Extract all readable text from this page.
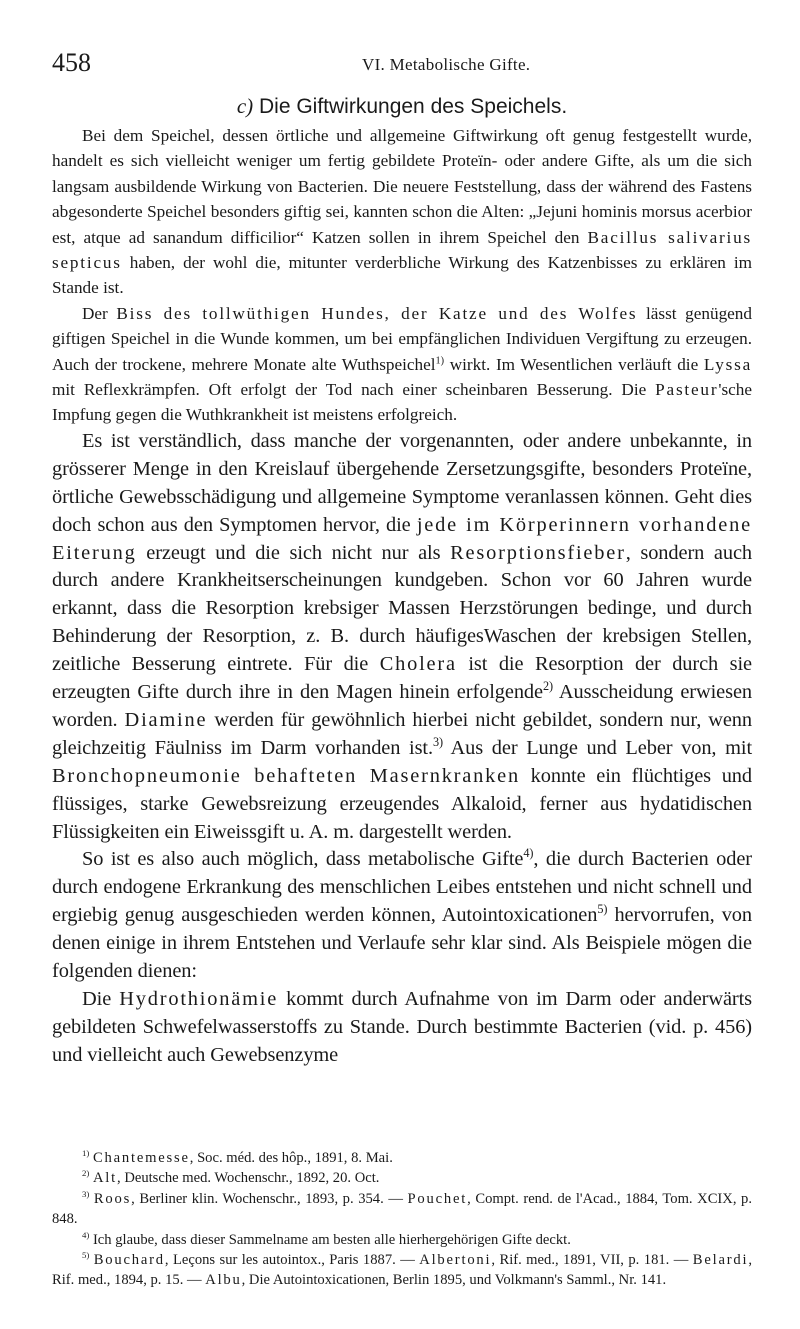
458	VI. Metabolische Gifte.
c) Die Giftwirkungen des Speichels.

Bei dem Speichel, dessen örtliche und allgemeine Giftwirkung oft genug festgestellt wurde, handelt es sich vielleicht weniger um fertig gebildete Proteïn- oder andere Gifte, als um die sich langsam ausbildende Wirkung von Bacterien. Die neuere Feststellung, dass der während des Fastens abgesonderte Speichel besonders giftig sei, kannten schon die Alten: „Jejuni hominis morsus acerbior est, atque ad sanandum difficilior“ Katzen sollen in ihrem Speichel den Bacillus salivarius septicus haben, der wohl die, mitunter verderbliche Wirkung des Katzenbisses zu erklären im Stande ist.

Der Biss des tollwüthigen Hundes, der Katze und des Wolfes lässt genügend giftigen Speichel in die Wunde kommen, um bei empfänglichen Individuen Vergiftung zu erzeugen. Auch der trockene, mehrere Monate alte Wuthspeichel$^{1)}$ wirkt. Im Wesentlichen verläuft die Lyssa mit Reflexkrämpfen. Oft erfolgt der Tod nach einer scheinbaren Besserung. Die Pasteur'sche Impfung gegen die Wuthkrankheit ist meistens erfolgreich.

Es ist verständlich, dass manche der vorgenannten, oder andere unbekannte, in grösserer Menge in den Kreislauf übergehende Zersetzungsgifte, besonders Proteïne, örtliche Gewebsschädigung und allgemeine Symptome veranlassen können. Geht dies doch schon aus den Symptomen hervor, die jede im Körperinnern vorhandene Eiterung erzeugt und die sich nicht nur als Resorptionsfieber, sondern auch durch andere Krankheitserscheinungen kundgeben. Schon vor 60 Jahren wurde erkannt, dass die Resorption krebsiger Massen Herzstörungen bedinge, und durch Behinderung der Resorption, z. B. durch häufigesWaschen der krebsigen Stellen, zeitliche Besserung eintrete. Für die Cholera ist die Resorption der durch sie erzeugten Gifte durch ihre in den Magen hinein erfolgende$^{2)}$ Ausscheidung erwiesen worden. Diamine werden für gewöhnlich hierbei nicht gebildet, sondern nur, wenn gleichzeitig Fäulniss im Darm vorhanden ist.$^{3)}$ Aus der Lunge und Leber von, mit Bronchopneumonie behafteten Masernkranken konnte ein flüchtiges und flüssiges, starke Gewebsreizung erzeugendes Alkaloid, ferner aus hydatidischen Flüssigkeiten ein Eiweissgift u. A. m. dargestellt werden.

So ist es also auch möglich, dass metabolische Gifte$^{4)}$, die durch Bacterien oder durch endogene Erkrankung des menschlichen Leibes entstehen und nicht schnell und ergiebig genug ausgeschieden werden können, Autointoxicationen$^{5)}$ hervorrufen, von denen einige in ihrem Entstehen und Verlaufe sehr klar sind. Als Beispiele mögen die folgenden dienen:

Die Hydrothionämie kommt durch Aufnahme von im Darm oder anderwärts gebildeten Schwefelwasserstoffs zu Stande. Durch bestimmte Bacterien (vid. p. 456) und vielleicht auch Gewebsenzyme

$^{1)}$ Chantemesse, Soc. méd. des hôp., 1891, 8. Mai.

$^{2)}$ Alt, Deutsche med. Wochenschr., 1892, 20. Oct.

$^{3)}$ Roos, Berliner klin. Wochenschr., 1893, p. 354. — Pouchet, Compt. rend. de l'Acad., 1884, Tom. XCIX, p. 848.

$^{4)}$ Ich glaube, dass dieser Sammelname am besten alle hierhergehörigen Gifte deckt.

$^{5)}$ Bouchard, Leçons sur les autointox., Paris 1887. — Albertoni, Rif. med., 1891, VII, p. 181. — Belardi, Rif. med., 1894, p. 15. — Albu, Die Autointoxicationen, Berlin 1895, und Volkmann's Samml., Nr. 141.
